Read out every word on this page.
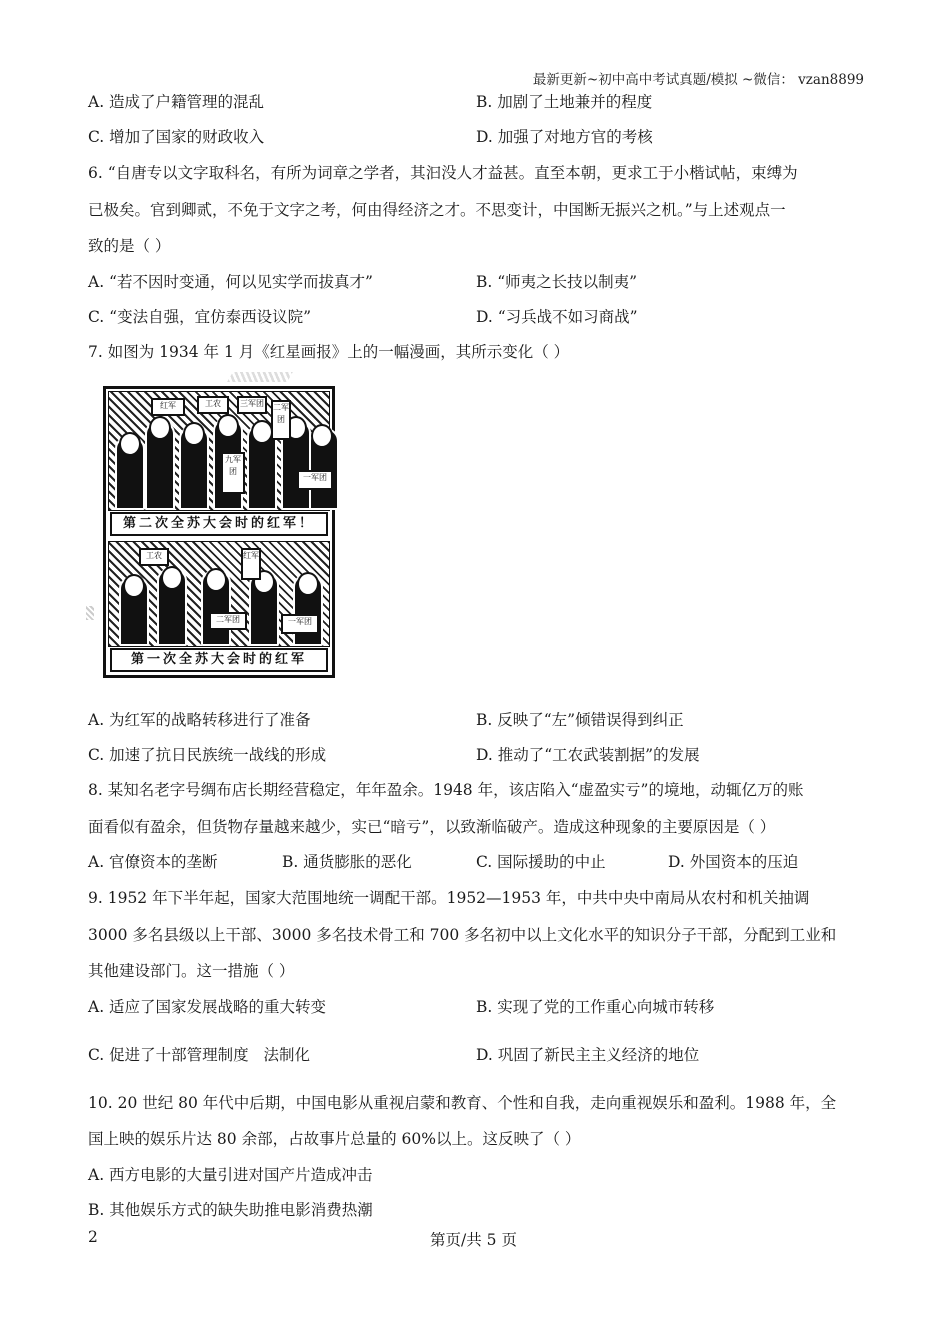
最新更新~初中高中考试真题/模拟 ~微信： vzan8899
A. 造成了户籍管理的混乱	B. 加剧了土地兼并的程度
C. 增加了国家的财政收入	D. 加强了对地方官的考核
6. “自唐专以文字取科名，有所为词章之学者，其汩没人才益甚。直至本朝，更求工于小楷试帖，束缚为
已极矣。官到卿贰，不免于文字之考，何由得经济之才。不思变计，中国断无振兴之机。”与上述观点一
致的是（ ）
A. “若不因时变通，何以见实学而拔真才”	B. “师夷之长技以制夷”
C. “变法自强，宜仿泰西设议院”	D. “习兵战不如习商战”
7. 如图为 1934 年 1 月《红星画报》上的一幅漫画，其所示变化（ ）
红军	工农
九军团
二军团
一军团
三军团
第二次全苏大会时的红军！
工农	红军
二军团	一军团
第一次全苏大会时的红军
A. 为红军的战略转移进行了准备	B. 反映了“左”倾错误得到纠正
C. 加速了抗日民族统一战线的形成	D. 推动了“工农武装割据”的发展
8. 某知名老字号绸布店长期经营稳定，年年盈余。1948 年，该店陷入“虚盈实亏”的境地，动辄亿万的账
面看似有盈余，但货物存量越来越少，实已“暗亏”，以致渐临破产。造成这种现象的主要原因是（ ）
A. 官僚资本的垄断	B. 通货膨胀的恶化	C. 国际援助的中止	D. 外国资本的压迫
9. 1952 年下半年起，国家大范围地统一调配干部。1952—1953 年，中共中央中南局从农村和机关抽调
3000 多名县级以上干部、3000 多名技术骨工和 700 多名初中以上文化水平的知识分子干部，分配到工业和
其他建设部门。这一措施（ ）
A. 适应了国家发展战略的重大转变	B. 实现了党的工作重心向城市转移
C. 促进了十部管理制度   法制化	D. 巩固了新民主主义经济的地位
10. 20 世纪 80 年代中后期，中国电影从重视启蒙和教育、个性和自我，走向重视娱乐和盈利。1988 年，全
国上映的娱乐片达 80 余部，占故事片总量的 60%以上。这反映了（ ）
A. 西方电影的大量引进对国产片造成冲击
B. 其他娱乐方式的缺失助推电影消费热潮
2	第页/共 5 页
